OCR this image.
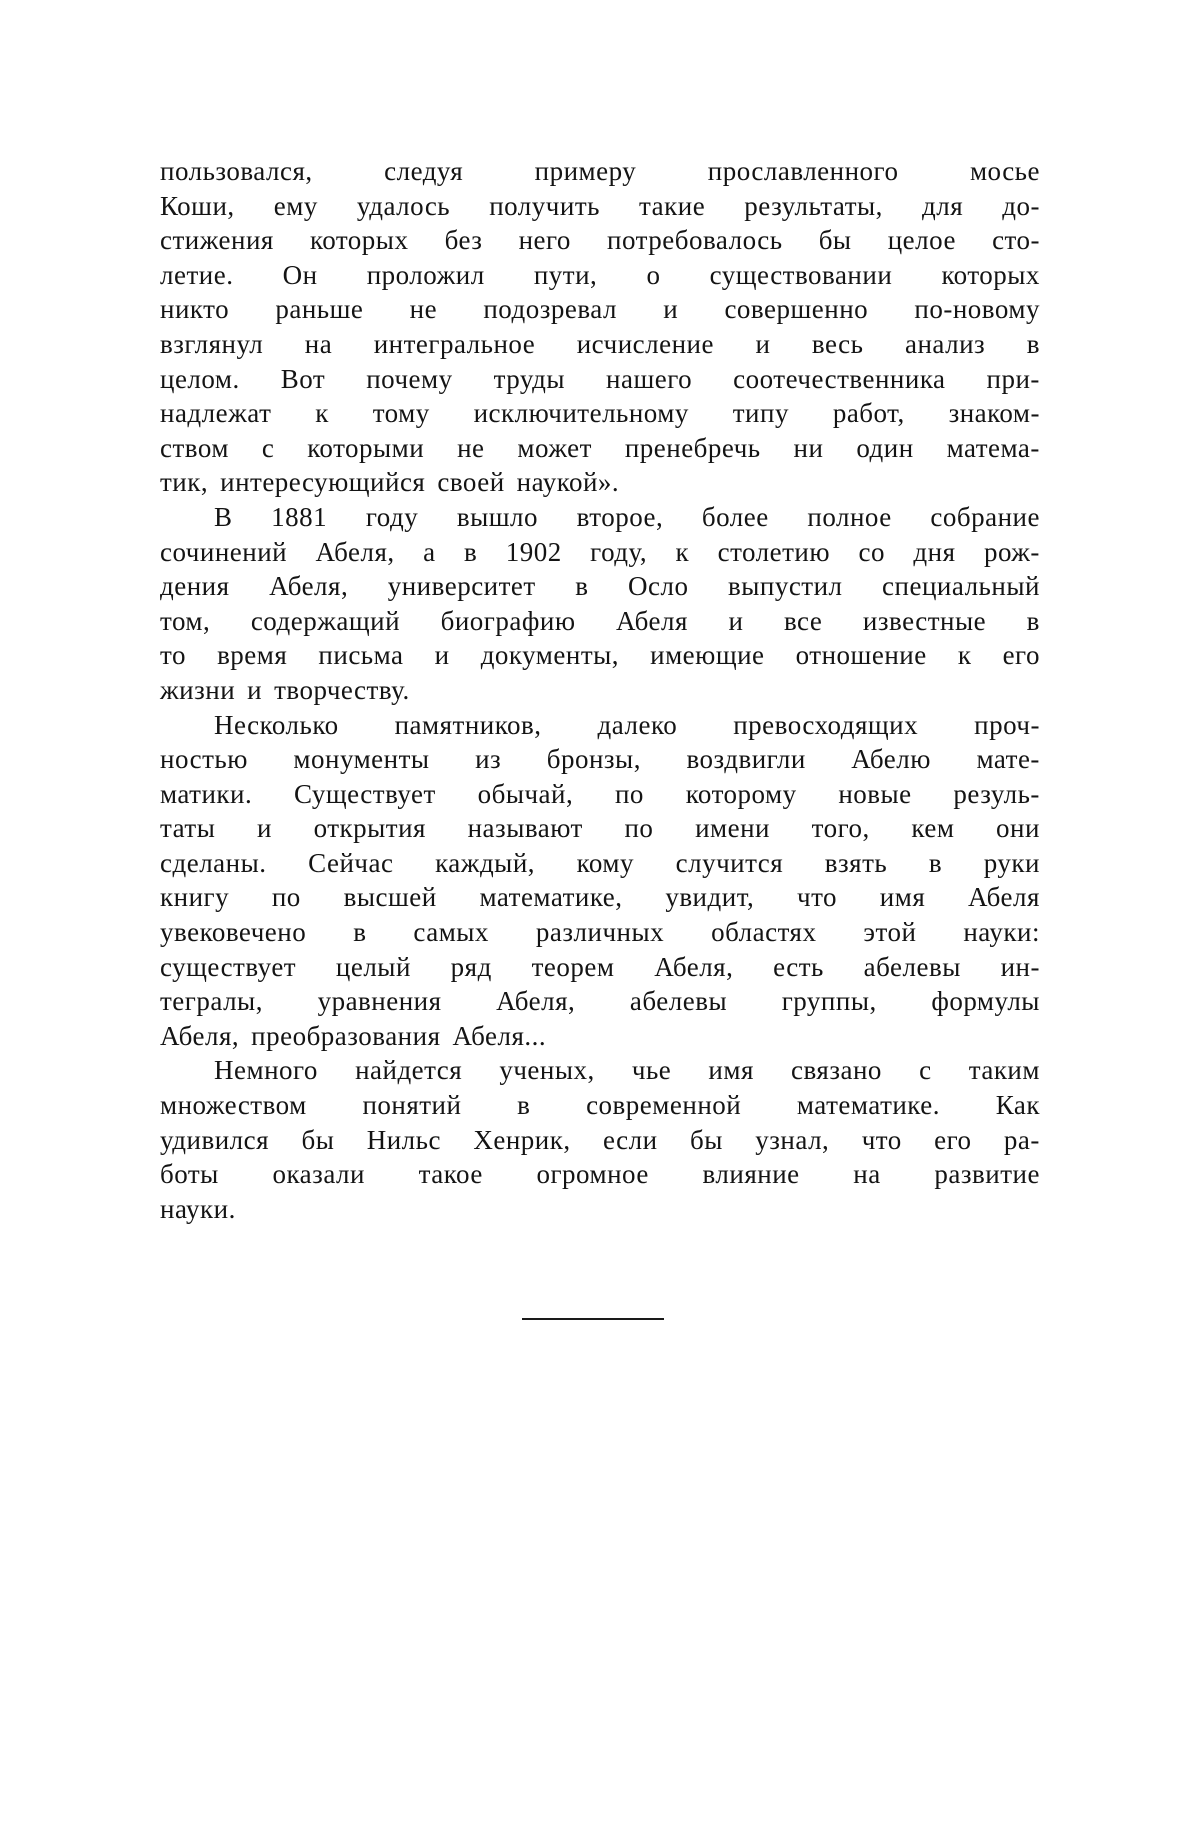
пользовался,	следуя	примеру	прославленного	мосье
Коши, ему удалось получить такие результаты, для до-
стижения которых без него потребовалось бы целое сто-
летие. Он проложил пути, о существовании которых
никто раньше не подозревал и совершенно по-новому
взглянул на интегральное исчисление и весь анализ в
целом. Вот почему труды нашего соотечественника при-
надлежат к тому исключительному типу работ, знаком-
ством с которыми не может пренебречь ни один матема-
тик, интересующийся своей наукой».
В 1881 году вышло второе, более полное собрание
сочинений Абеля, а в 1902 году, к столетию со дня рож-
дения Абеля, университет в Осло выпустил специальный
том, содержащий биографию Абеля и все известные в
то время письма и документы, имеющие отношение к его
жизни и творчеству.
Несколько памятников, далеко превосходящих проч-
ностью монументы из бронзы, воздвигли Абелю мате-
матики. Существует обычай, по которому новые резуль-
таты и открытия называют по имени того, кем они
сделаны. Сейчас каждый, кому случится взять в руки
книгу по высшей математике, увидит, что имя Абеля
увековечено в самых различных областях этой науки:
существует целый ряд теорем Абеля, есть абелевы ин-
тегралы, уравнения Абеля, абелевы группы, формулы
Абеля, преобразования Абеля...
Немного найдется ученых, чье имя связано с таким
множеством понятий в современной математике. Как
удивился бы Нильс Хенрик, если бы узнал, что его ра-
боты оказали такое огромное влияние на развитие
науки.
